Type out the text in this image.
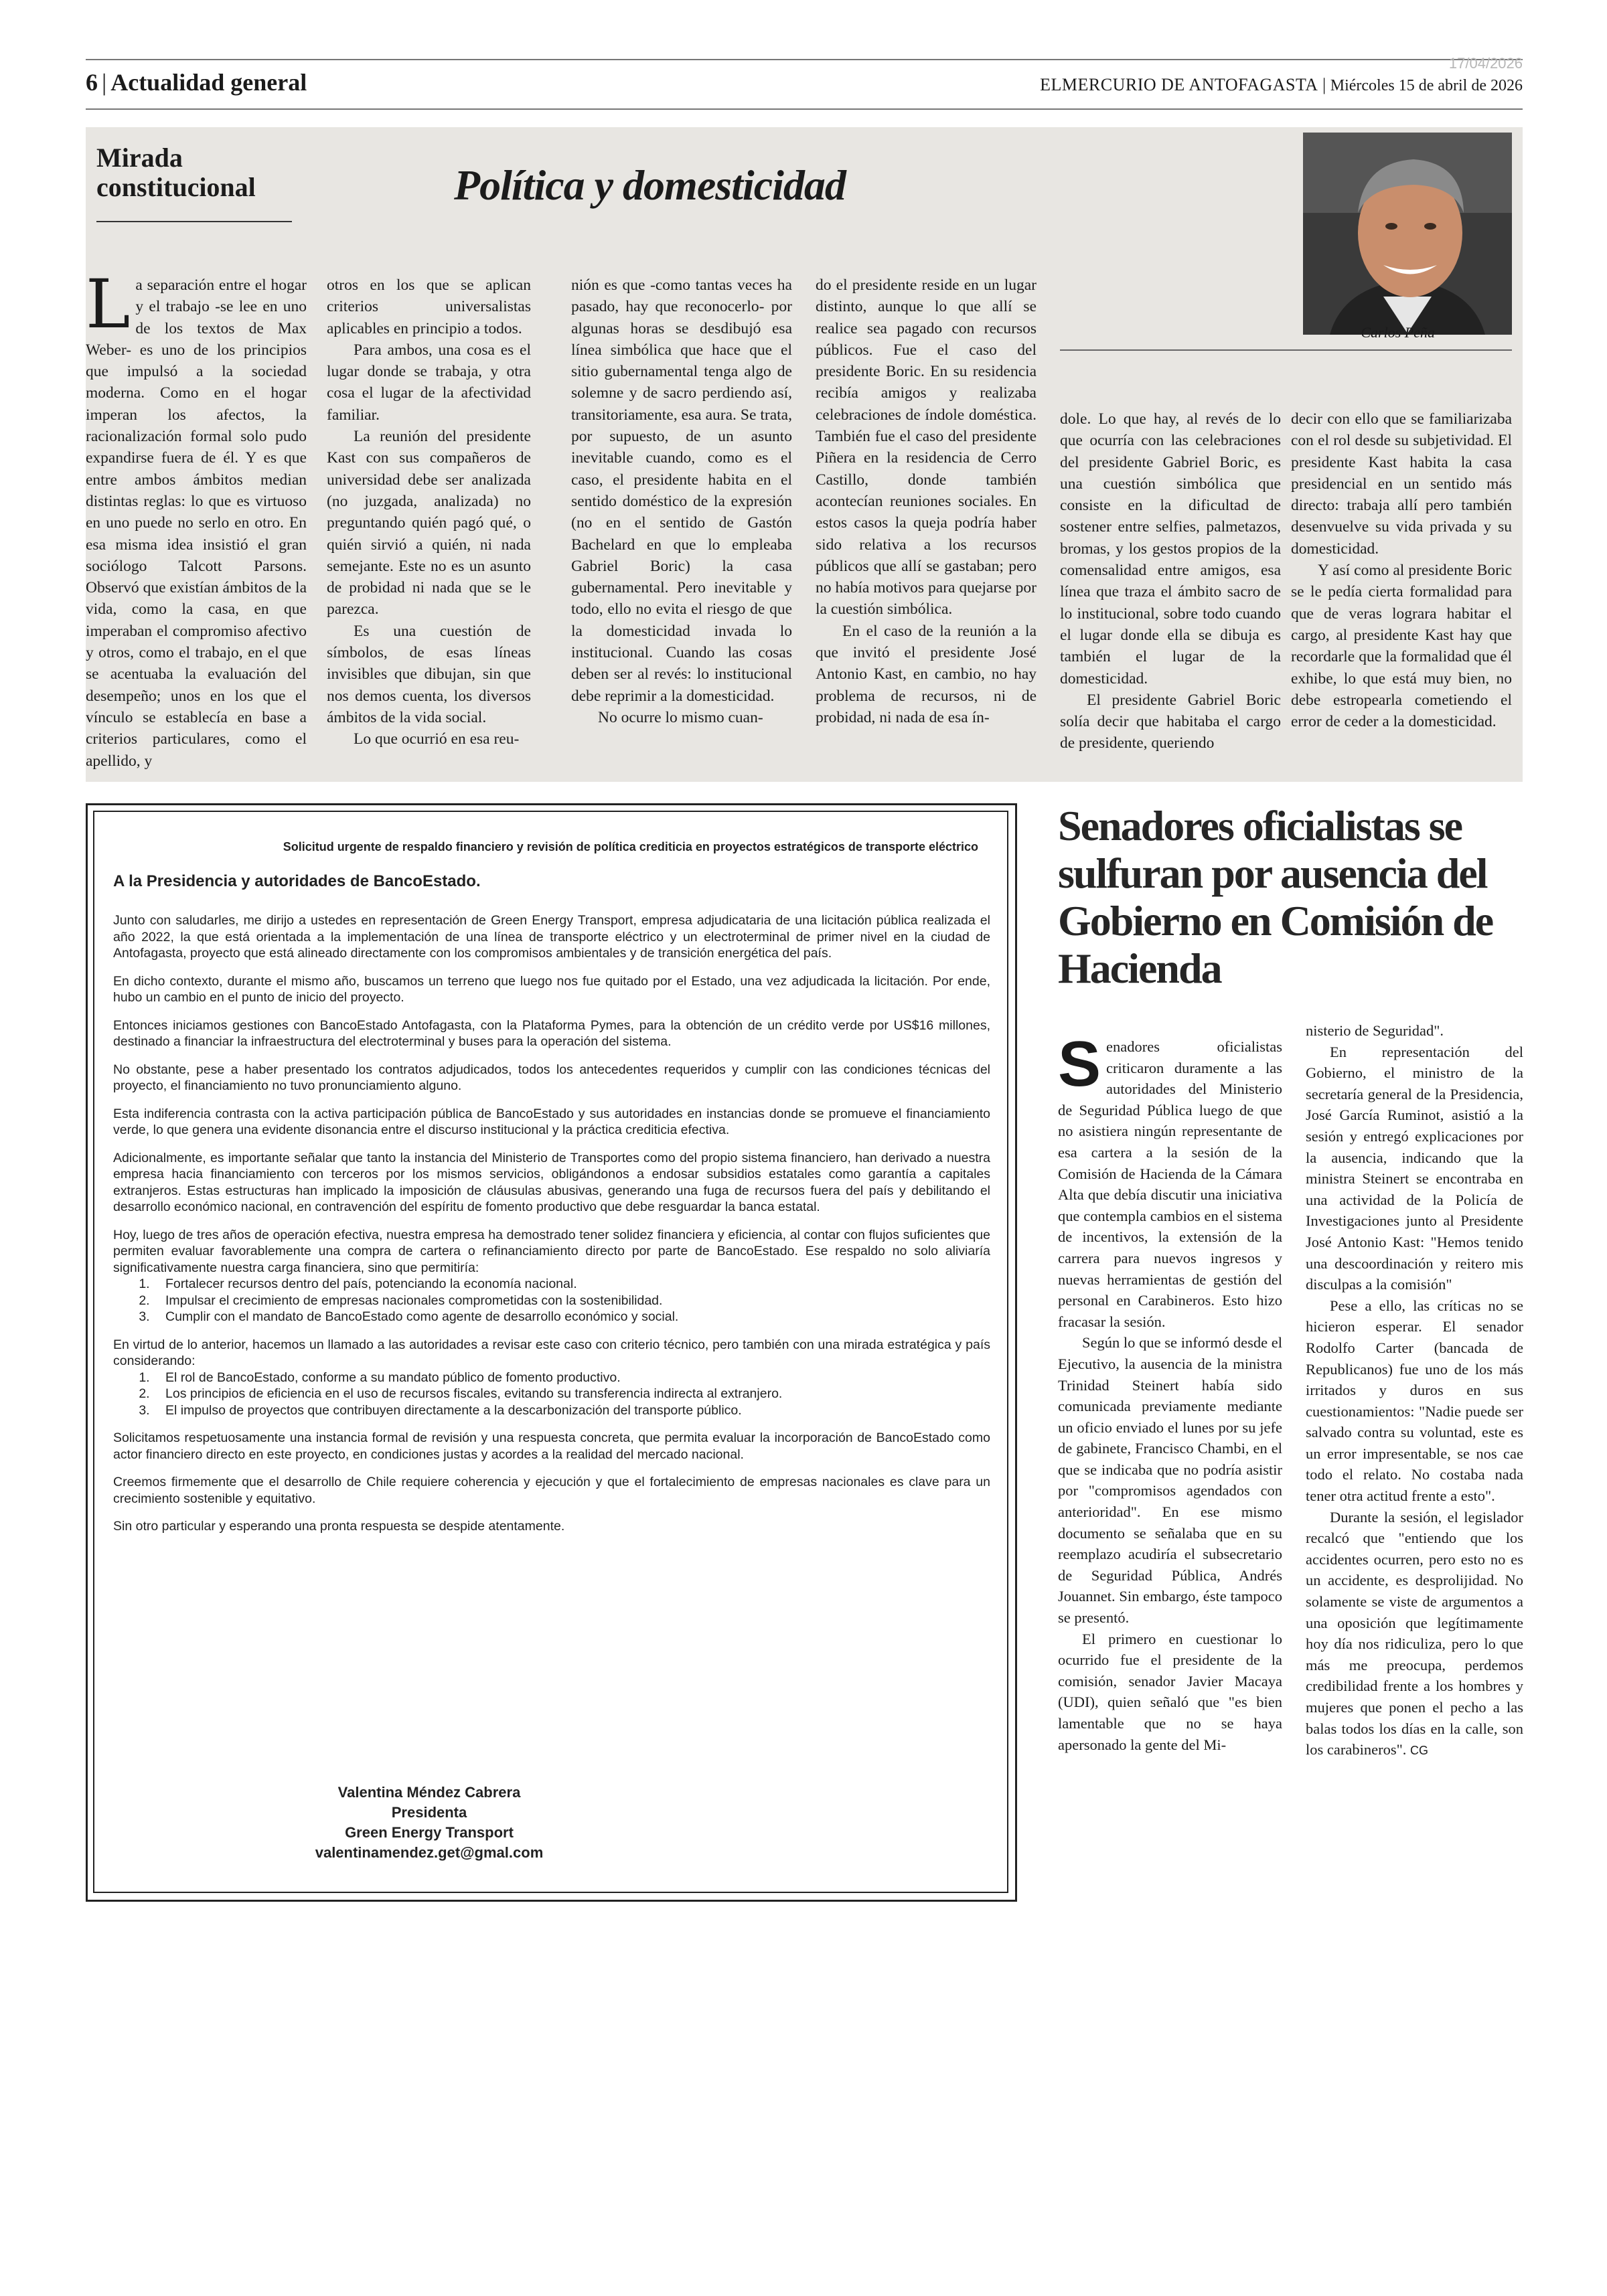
6 | Actualidad general
17/04/2026
ELMERCURIO DE ANTOFAGASTA | Miércoles 15 de abril de 2026
Mirada constitucional	Política y domesticidad
Carlos Peña

La separación entre el hogar y el trabajo -se lee en uno de los textos de Max Weber- es uno de los principios que impulsó a la sociedad moderna. Como en el hogar imperan los afectos, la racionalización formal solo pudo expandirse fuera de él. Y es que entre ambos ámbitos median distintas reglas: lo que es virtuoso en uno puede no serlo en otro. En esa misma idea insistió el gran sociólogo Talcott Parsons. Observó que existían ámbitos de la vida, como la casa, en que imperaban el compromiso afectivo y otros, como el trabajo, en el que se acentuaba la evaluación del desempeño; unos en los que el vínculo se establecía en base a criterios particulares, como el apellido, y

otros en los que se aplican criterios universalistas aplicables en principio a todos.

Para ambos, una cosa es el lugar donde se trabaja, y otra cosa el lugar de la afectividad familiar.

La reunión del presidente Kast con sus compañeros de universidad debe ser analizada (no juzgada, analizada) no preguntando quién pagó qué, o quién sirvió a quién, ni nada semejante. Este no es un asunto de probidad ni nada que se le parezca.

Es una cuestión de símbolos, de esas líneas invisibles que dibujan, sin que nos demos cuenta, los diversos ámbitos de la vida social.

Lo que ocurrió en esa reu-

nión es que -como tantas veces ha pasado, hay que reconocerlo- por algunas horas se desdibujó esa línea simbólica que hace que el sitio gubernamental tenga algo de solemne y de sacro perdiendo así, transitoriamente, esa aura. Se trata, por supuesto, de un asunto inevitable cuando, como es el caso, el presidente habita en el sentido doméstico de la expresión (no en el sentido de Gastón Bachelard en que lo empleaba Gabriel Boric) la casa gubernamental. Pero inevitable y todo, ello no evita el riesgo de que la domesticidad invada lo institucional. Cuando las cosas deben ser al revés: lo institucional debe reprimir a la domesticidad.

No ocurre lo mismo cuan-

do el presidente reside en un lugar distinto, aunque lo que allí se realice sea pagado con recursos públicos. Fue el caso del presidente Boric. En su residencia recibía amigos y realizaba celebraciones de índole doméstica. También fue el caso del presidente Piñera en la residencia de Cerro Castillo, donde también acontecían reuniones sociales. En estos casos la queja podría haber sido relativa a los recursos públicos que allí se gastaban; pero no había motivos para quejarse por la cuestión simbólica.

En el caso de la reunión a la que invitó el presidente José Antonio Kast, en cambio, no hay problema de recursos, ni de probidad, ni nada de esa ín-

dole. Lo que hay, al revés de lo que ocurría con las celebraciones del presidente Gabriel Boric, es una cuestión simbólica que consiste en la dificultad de sostener entre selfies, palmetazos, bromas, y los gestos propios de la comensalidad entre amigos, esa línea que traza el ámbito sacro de lo institucional, sobre todo cuando el lugar donde ella se dibuja es también el lugar de la domesticidad.

El presidente Gabriel Boric solía decir que habitaba el cargo de presidente, queriendo

decir con ello que se familiarizaba con el rol desde su subjetividad. El presidente Kast habita la casa presidencial en un sentido más directo: trabaja allí pero también desenvuelve su vida privada y su domesticidad.

Y así como al presidente Boric se le pedía cierta formalidad para que de veras lograra habitar el cargo, al presidente Kast hay que recordarle que la formalidad que él exhibe, lo que está muy bien, no debe estropearla cometiendo el error de ceder a la domesticidad.

Solicitud urgente de respaldo financiero y revisión de política crediticia en proyectos estratégicos de transporte eléctrico
A la Presidencia y autoridades de BancoEstado.

Junto con saludarles, me dirijo a ustedes en representación de Green Energy Transport, empresa adjudicataria de una licitación pública realizada el año 2022, la que está orientada a la implementación de una línea de transporte eléctrico y un electroterminal de primer nivel en la ciudad de Antofagasta, proyecto que está alineado directamente con los compromisos ambientales y de transición energética del país.

En dicho contexto, durante el mismo año, buscamos un terreno que luego nos fue quitado por el Estado, una vez adjudicada la licitación. Por ende, hubo un cambio en el punto de inicio del proyecto.

Entonces iniciamos gestiones con BancoEstado Antofagasta, con la Plataforma Pymes, para la obtención de un crédito verde por US$16 millones, destinado a financiar la infraestructura del electroterminal y buses para la operación del sistema.

No obstante, pese a haber presentado los contratos adjudicados, todos los antecedentes requeridos y cumplir con las condiciones técnicas del proyecto, el financiamiento no tuvo pronunciamiento alguno.

Esta indiferencia contrasta con la activa participación pública de BancoEstado y sus autoridades en instancias donde se promueve el financiamiento verde, lo que genera una evidente disonancia entre el discurso institucional y la práctica crediticia efectiva.

Adicionalmente, es importante señalar que tanto la instancia del Ministerio de Transportes como del propio sistema financiero, han derivado a nuestra empresa hacia financiamiento con terceros por los mismos servicios, obligándonos a endosar subsidios estatales como garantía a capitales extranjeros. Estas estructuras han implicado la imposición de cláusulas abusivas, generando una fuga de recursos fuera del país y debilitando el desarrollo económico nacional, en contravención del espíritu de fomento productivo que debe resguardar la banca estatal.

Hoy, luego de tres años de operación efectiva, nuestra empresa ha demostrado tener solidez financiera y eficiencia, al contar con flujos suficientes que permiten evaluar favorablemente una compra de cartera o refinanciamiento directo por parte de BancoEstado. Ese respaldo no solo aliviaría significativamente nuestra carga financiera, sino que permitiría:

1. Fortalecer recursos dentro del país, potenciando la economía nacional.
2. Impulsar el crecimiento de empresas nacionales comprometidas con la sostenibilidad.
3. Cumplir con el mandato de BancoEstado como agente de desarrollo económico y social.

En virtud de lo anterior, hacemos un llamado a las autoridades a revisar este caso con criterio técnico, pero también con una mirada estratégica y país considerando:

1. El rol de BancoEstado, conforme a su mandato público de fomento productivo.
2. Los principios de eficiencia en el uso de recursos fiscales, evitando su transferencia indirecta al extranjero.
3. El impulso de proyectos que contribuyen directamente a la descarbonización del transporte público.

Solicitamos respetuosamente una instancia formal de revisión y una respuesta concreta, que permita evaluar la incorporación de BancoEstado como actor financiero directo en este proyecto, en condiciones justas y acordes a la realidad del mercado nacional.

Creemos firmemente que el desarrollo de Chile requiere coherencia y ejecución y que el fortalecimiento de empresas nacionales es clave para un crecimiento sostenible y equitativo.

Sin otro particular y esperando una pronta respuesta se despide atentamente.

Valentina Méndez Cabrera
Presidenta
Green Energy Transport
valentinamendez.get@gmal.com
Senadores oficialistas se sulfuran por ausencia del Gobierno en Comisión de Hacienda

Senadores oficialistas criticaron duramente a las autoridades del Ministerio de Seguridad Pública luego de que no asistiera ningún representante de esa cartera a la sesión de la Comisión de Hacienda de la Cámara Alta que debía discutir una iniciativa que contempla cambios en el sistema de incentivos, la extensión de la carrera para nuevos ingresos y nuevas herramientas de gestión del personal en Carabineros. Esto hizo fracasar la sesión.

Según lo que se informó desde el Ejecutivo, la ausencia de la ministra Trinidad Steinert había sido comunicada previamente mediante un oficio enviado el lunes por su jefe de gabinete, Francisco Chambi, en el que se indicaba que no podría asistir por "compromisos agendados con anterioridad". En ese mismo documento se señalaba que en su reemplazo acudiría el subsecretario de Seguridad Pública, Andrés Jouannet. Sin embargo, éste tampoco se presentó.

El primero en cuestionar lo ocurrido fue el presidente de la comisión, senador Javier Macaya (UDI), quien señaló que "es bien lamentable que no se haya apersonado la gente del Mi-

nisterio de Seguridad".

En representación del Gobierno, el ministro de la secretaría general de la Presidencia, José García Ruminot, asistió a la sesión y entregó explicaciones por la ausencia, indicando que la ministra Steinert se encontraba en una actividad de la Policía de Investigaciones junto al Presidente José Antonio Kast: "Hemos tenido una descoordinación y reitero mis disculpas a la comisión"

Pese a ello, las críticas no se hicieron esperar. El senador Rodolfo Carter (bancada de Republicanos) fue uno de los más irritados y duros en sus cuestionamientos: "Nadie puede ser salvado contra su voluntad, este es un error impresentable, se nos cae todo el relato. No costaba nada tener otra actitud frente a esto".

Durante la sesión, el legislador recalcó que "entiendo que los accidentes ocurren, pero esto no es un accidente, es desprolijidad. No solamente se viste de argumentos a una oposición que legítimamente hoy día nos ridiculiza, pero lo que más me preocupa, perdemos credibilidad frente a los hombres y mujeres que ponen el pecho a las balas todos los días en la calle, son los carabineros". CG
